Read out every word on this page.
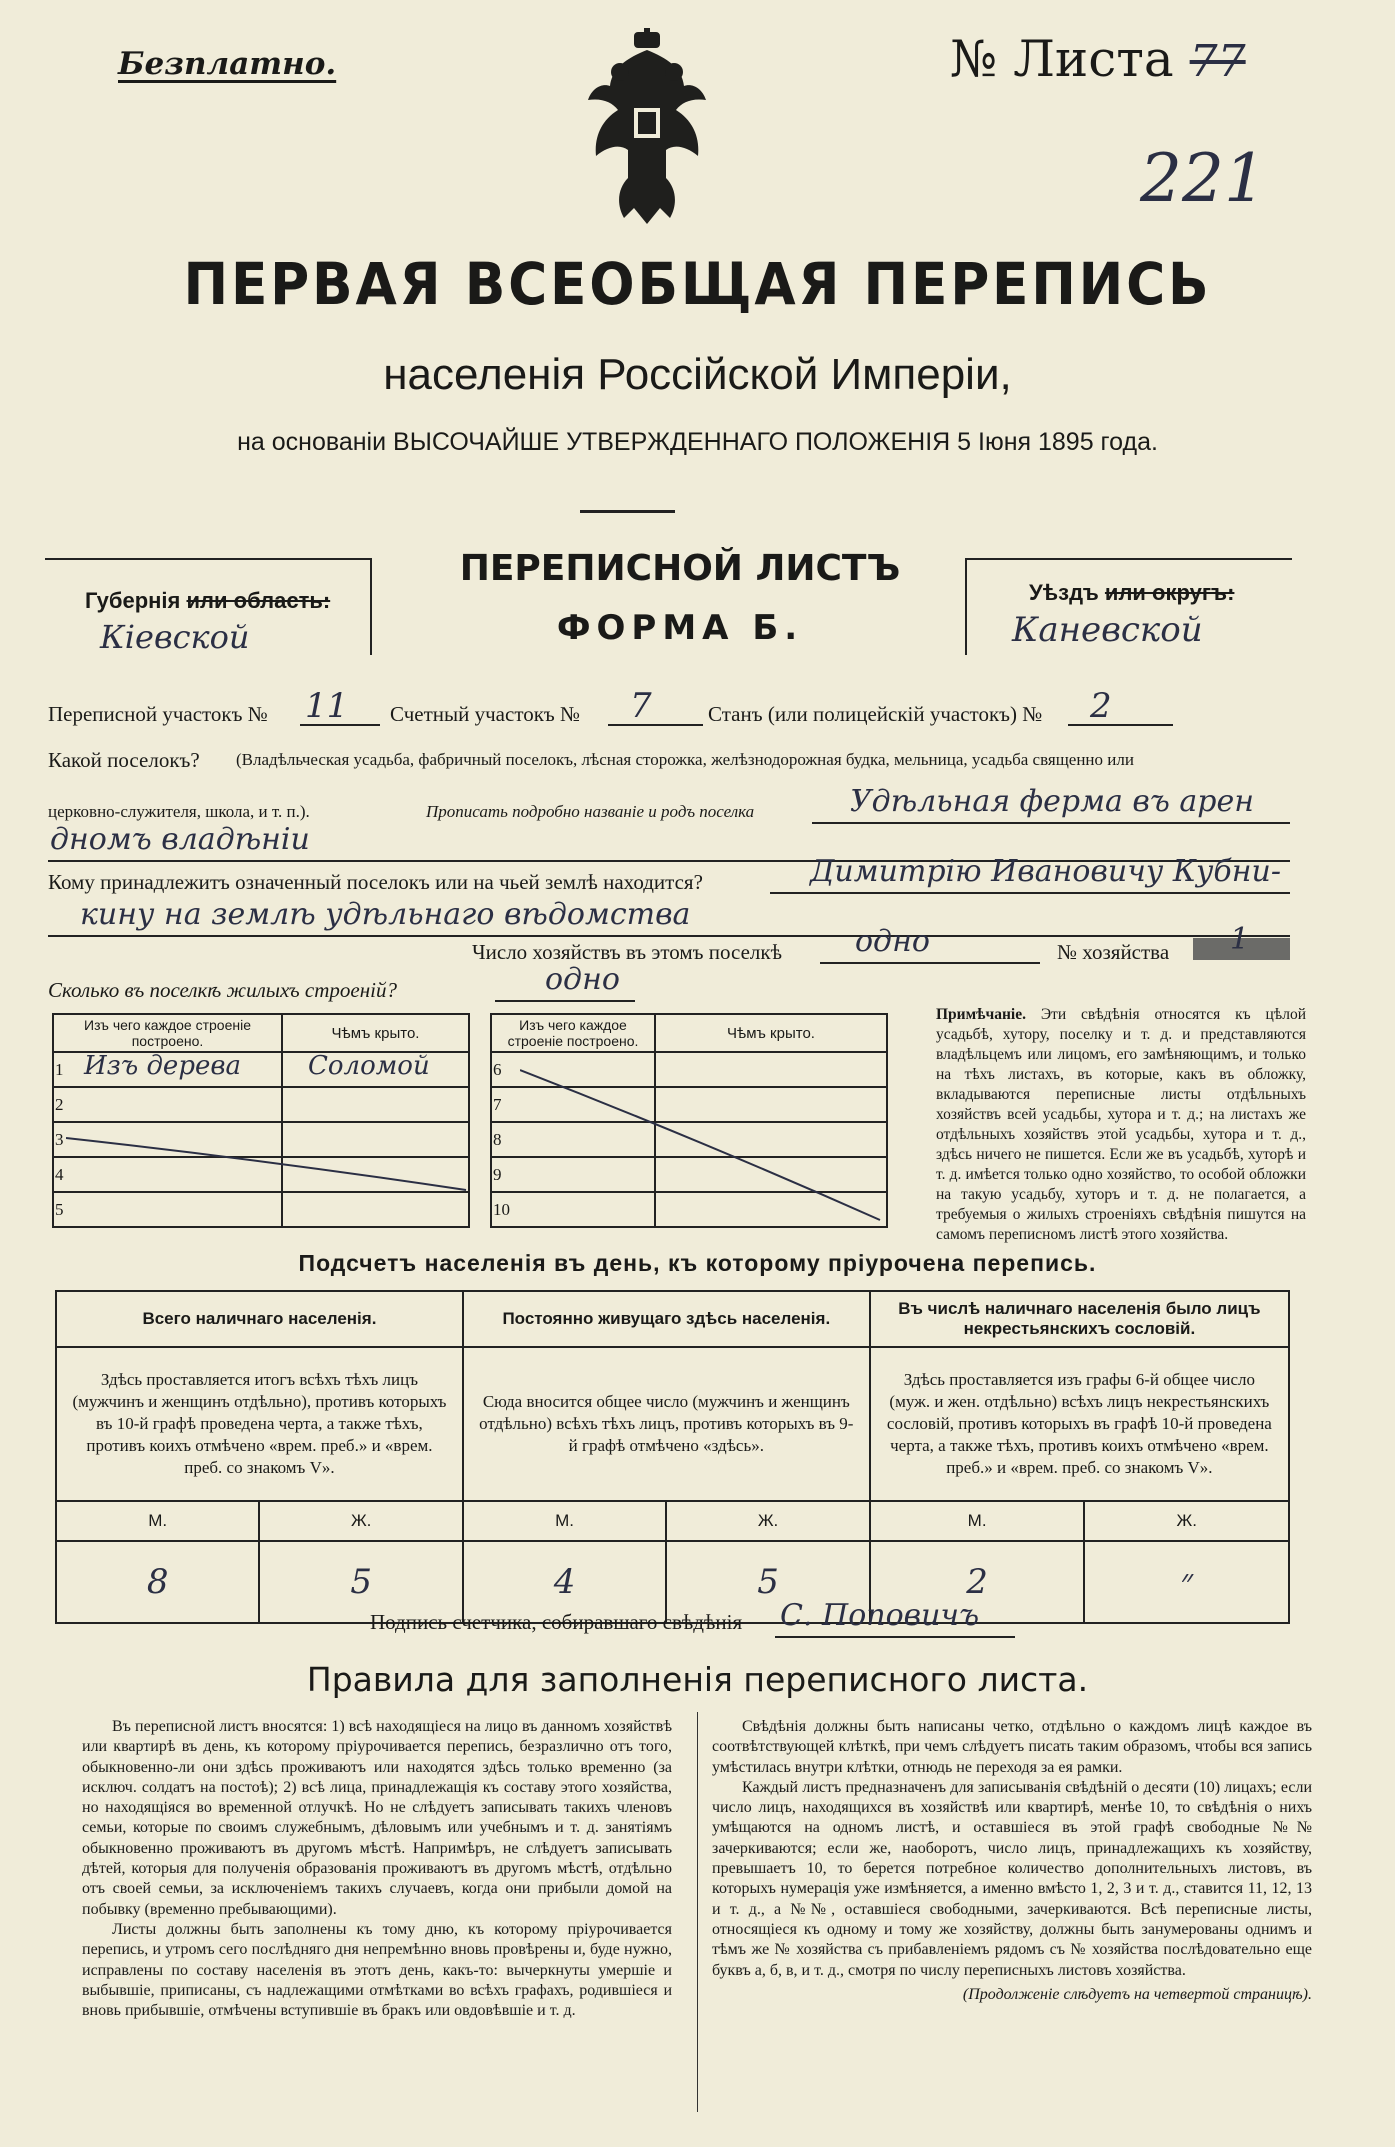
Безплатно.	№ Листа 77
221
ПЕРВАЯ ВСЕОБЩАЯ ПЕРЕПИСЬ
населенія Россійской Имперіи,
на основаніи ВЫСОЧАЙШЕ УТВЕРЖДЕННАГО ПОЛОЖЕНІЯ 5 Іюня 1895 года.
ПЕРЕПИСНОЙ ЛИСТЪ
ФОРМА Б.
Губернія или область:
Кіевской
Уѣздъ или округъ:
Каневской
Переписной участокъ № 11 Счетный участокъ № 7	Станъ (или полицейскій участокъ) № 2
Какой поселокъ? (Владѣльческая усадьба, фабричный поселокъ, лѣсная сторожка, желѣзнодорожная будка, мельница, усадьба священно или
церковно-служителя, школа, и т. п.).	Прописать подробно названіе и родъ поселка	Удѣльная ферма въ арен
дномъ владѣніи
Кому принадлежитъ означенный поселокъ или на чьей землѣ находится?	Димитрію Ивановичу Кубни-
кину на землѣ удѣльнаго вѣдомства
Число хозяйствъ въ этомъ поселкѣ одно	№ хозяйства 1
Сколько въ поселкѣ жилыхъ строеній?	одно
Изъ чего каждое строеніе построено.	Чѣмъ крыто.
1 Изъ дерева	Соломой

2	
3	
4	
5	
Изъ чего каждое строеніе построено.	Чѣмъ крыто.
6	
7	
8	
9	
10	
Примѣчаніе. Эти свѣдѣнія относятся къ цѣлой усадьбѣ, хутору, поселку и т. д. и представляются владѣльцемъ или лицомъ, его замѣняющимъ, и только на тѣхъ листахъ, въ которые, какъ въ обложку, вкладываются переписные листы отдѣльныхъ хозяйствъ всей усадьбы, хутора и т. д.; на листахъ же отдѣльныхъ хозяйствъ этой усадьбы, хутора и т. д., здѣсь ничего не пишется. Если же въ усадьбѣ, хуторѣ и т. д. имѣется только одно хозяйство, то особой обложки на такую усадьбу, хуторъ и т. д. не полагается, а требуемыя о жилыхъ строеніяхъ свѣдѣнія пишутся на самомъ переписномъ листѣ этого хозяйства.
Подсчетъ населенія въ день, къ которому пріурочена перепись.
Всего наличнаго населенія.		Постоянно живущаго здѣсь населенія.		Въ числѣ наличнаго населенія было лицъ некрестьянскихъ сословій.	
Здѣсь проставляется итогъ всѣхъ тѣхъ лицъ (мужчинъ и женщинъ отдѣльно), противъ которыхъ въ 10-й графѣ проведена черта, а также тѣхъ, противъ коихъ отмѣчено «врем. преб.» и «врем. преб. со знакомъ V».		Сюда вносится общее число (мужчинъ и женщинъ отдѣльно) всѣхъ тѣхъ лицъ, противъ которыхъ въ 9-й графѣ отмѣчено «здѣсь».		Здѣсь проставляется изъ графы 6-й общее число (муж. и жен. отдѣльно) всѣхъ лицъ некрестьянскихъ сословій, противъ которыхъ въ графѣ 10-й проведена черта, а также тѣхъ, противъ коихъ отмѣчено «врем. преб.» и «врем. преб. со знакомъ V».	
М.	Ж.	М.	Ж.	М.	Ж.
8	5	4	5	2	״
Подпись счетчика, собиравшаго свѣдѣнія С. Поповичъ
Правила для заполненія переписного листа.

Въ переписной листъ вносятся: 1) всѣ находящіеся на лицо въ данномъ хозяйствѣ или квартирѣ въ день, къ которому пріурочивается перепись, безразлично отъ того, обыкновенно-ли они здѣсь проживаютъ или находятся здѣсь только временно (за исключ. солдатъ на постоѣ); 2) всѣ лица, принадлежащія къ составу этого хозяйства, но находящіяся во временной отлучкѣ. Но не слѣдуетъ записывать такихъ членовъ семьи, которые по своимъ служебнымъ, дѣловымъ или учебнымъ и т. д. занятіямъ обыкновенно проживаютъ въ другомъ мѣстѣ. Напримѣръ, не слѣдуетъ записывать дѣтей, которыя для полученія образованія проживаютъ въ другомъ мѣстѣ, отдѣльно отъ своей семьи, за исключеніемъ такихъ случаевъ, когда они прибыли домой на побывку (временно пребывающими).

Листы должны быть заполнены къ тому дню, къ которому пріурочивается перепись, и утромъ сего послѣдняго дня непремѣнно вновь провѣрены и, буде нужно, исправлены по составу населенія въ этотъ день, какъ-то: вычеркнуты умершіе и выбывшіе, приписаны, съ надлежащими отмѣтками во всѣхъ графахъ, родившіеся и вновь прибывшіе, отмѣчены вступившіе въ бракъ или овдовѣвшіе и т. д.

Свѣдѣнія должны быть написаны четко, отдѣльно о каждомъ лицѣ каждое въ соотвѣтствующей клѣткѣ, при чемъ слѣдуетъ писать таким образомъ, чтобы вся запись умѣстилась внутри клѣтки, отнюдь не переходя за ея рамки.

Каждый листъ предназначенъ для записыванія свѣдѣній о десяти (10) лицахъ; если число лицъ, находящихся въ хозяйствѣ или квартирѣ, менѣе 10, то свѣдѣнія о нихъ умѣщаются на одномъ листѣ, и оставшіеся въ этой графѣ свободные №№ зачеркиваются; если же, наоборотъ, число лицъ, принадлежащихъ къ хозяйству, превышаетъ 10, то берется потребное количество дополнительныхъ листовъ, въ которыхъ нумерація уже измѣняется, а именно вмѣсто 1, 2, 3 и т. д., ставится 11, 12, 13 и т. д., а №№, оставшіеся свободными, зачеркиваются. Всѣ переписные листы, относящіеся къ одному и тому же хозяйству, должны быть занумерованы однимъ и тѣмъ же № хозяйства съ прибавленіемъ рядомъ съ № хозяйства послѣдовательно еще буквъ а, б, в, и т. д., смотря по числу переписныхъ листовъ хозяйства.

(Продолженіе слѣдуетъ на четвертой страницѣ).
